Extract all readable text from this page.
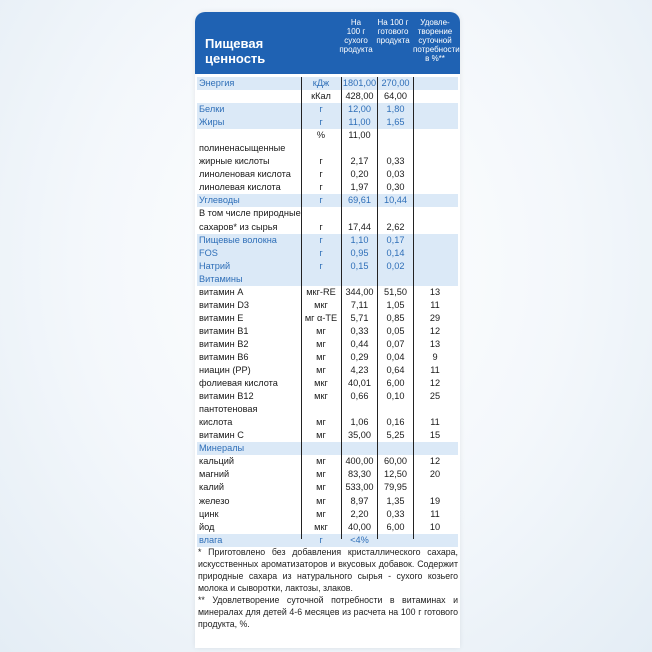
Пищевая
ценность
На
100 г
сухого
продукта
На 100 г
готового
продукта
Удовле-
творение
суточной
потребности
в %**
Энергия	кДж	1801,00 270,00
кКал	428,00	64,00
Белки	г	12,00	1,80
Жиры	г	11,00	1,65
%	11,00
полиненасыщенные
жирные кислоты	г	2,17	0,33
линоленовая кислота	г	0,20	0,03
линолевая кислота	г	1,97	0,30
Углеводы	г	69,61	10,44
В том числе природные
сахаров* из сырья	г	17,44	2,62
Пищевые волокна	г	1,10	0,17
FOS	г	0,95	0,14
Натрий	г	0,15	0,02
Витамины
витамин А	мкг-RE	344,00	51,50	13
витамин D3	мкг	7,11	1,05	11
витамин Е	мг α-TE	5,71	0,85	29
витамин В1	мг	0,33	0,05	12
витамин В2	мг	0,44	0,07	13
витамин В6	мг	0,29	0,04	9
ниацин (РР)	мг	4,23	0,64	11
фолиевая кислота	мкг	40,01	6,00	12
витамин В12	мкг	0,66	0,10	25
пантотеновая
кислота	мг	1,06	0,16	11
витамин С	мг	35,00	5,25	15
Минералы
кальций	мг	400,00	60,00	12
магний	мг	83,30	12,50	20
калий	мг	533,00	79,95
железо	мг	8,97	1,35	19
цинк	мг	2,20	0,33	11
йод	мкг	40,00	6,00	10
влага	г	<4%

* Приготовлено без добавления кристаллического сахара, искусственных ароматизаторов и вкусовых добавок. Содержит природные сахара из натурального сырья - сухого козьего молока и сыворотки, лактозы, злаков.

** Удовлетворение суточной потребности в витаминах и минералах для детей 4-6 месяцев из расчета на 100 г готового продукта, %.
